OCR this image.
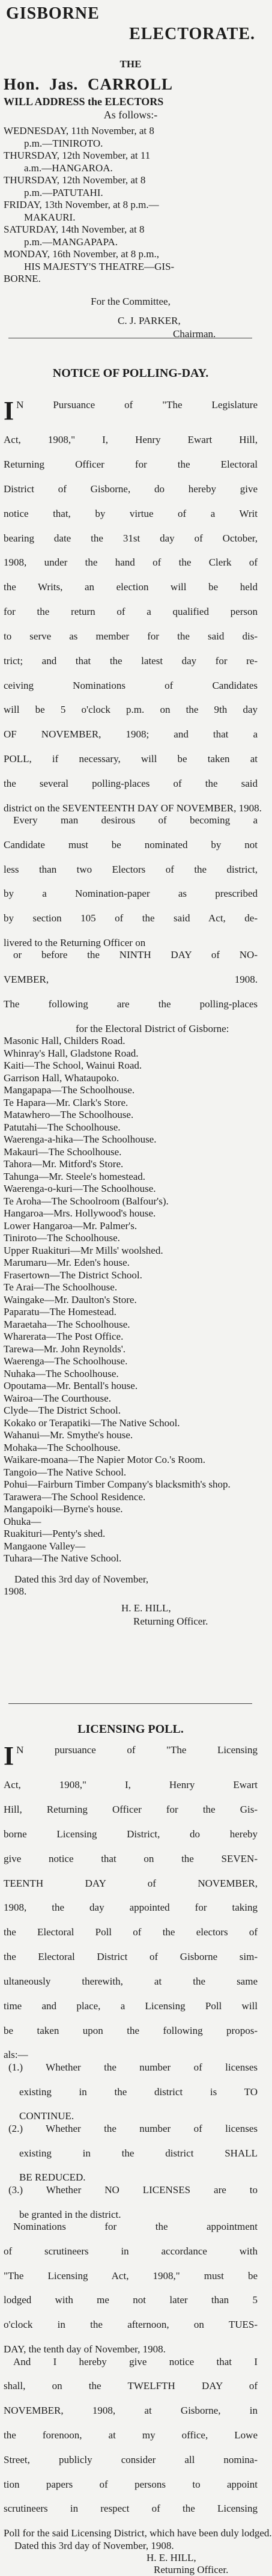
GISBORNE
ELECTORATE.
THE
Hon. Jas. CARROLL
WILL ADDRESS the ELECTORS
As follows:-
WEDNESDAY, 11th November, at 8
p.m.—TINIROTO.
THURSDAY, 12th November, at 11
a.m.—HANGAROA.
THURSDAY, 12th November, at 8
p.m.—PATUTAHI.
FRIDAY, 13th November, at 8 p.m.—
MAKAURI.
SATURDAY, 14th November, at 8
p.m.—MANGAPAPA.
MONDAY, 16th November, at 8 p.m.,
HIS MAJESTY'S THEATRE—GIS-
BORNE.
For the Committee,
C. J. PARKER,
Chairman.
NOTICE OF POLLING-DAY.
I N Pursuance of "The Legislature
Act, 1908," I, Henry Ewart Hill,
Returning Officer for the Electoral
District of Gisborne, do hereby give
notice that, by virtue of a Writ
bearing date the 31st day of October,
1908, under the hand of the Clerk of
the Writs, an election will be held
for the return of a qualified person
to serve as member for the said dis-
trict; and that the latest day for re-
ceiving Nominations of Candidates
will be 5 o'clock p.m. on the 9th day
OF NOVEMBER, 1908; and that a
POLL, if necessary, will be taken at
the several polling-places of the said
district on the SEVENTEENTH DAY OF NOVEMBER, 1908.
Every man desirous of becoming a
Candidate must be nominated by not
less than two Electors of the district,
by a Nomination-paper as prescribed
by section 105 of the said Act, de-
livered to the Returning Officer on
or before the NINTH DAY of NO-
VEMBER, 1908.
The following are the polling-places
for the Electoral District of Gisborne:
Masonic Hall, Childers Road.
Whinray's Hall, Gladstone Road.
Kaiti—The School, Wainui Road.
Garrison Hall, Whataupoko.
Mangapapa—The Schoolhouse.
Te Hapara—Mr. Clark's Store.
Matawhero—The Schoolhouse.
Patutahi—The Schoolhouse.
Waerenga-a-hika—The Schoolhouse.
Makauri—The Schoolhouse.
Tahora—Mr. Mitford's Store.
Tahunga—Mr. Steele's homestead.
Waerenga-o-kuri—The Schoolhouse.
Te Aroha—The Schoolroom (Balfour's).
Hangaroa—Mrs. Hollywood's house.
Lower Hangaroa—Mr. Palmer's.
Tiniroto—The Schoolhouse.
Upper Ruakituri—Mr Mills' woolshed.
Marumaru—Mr. Eden's house.
Frasertown—The District School.
Te Arai—The Schoolhouse.
Waingake—Mr. Daulton's Store.
Paparatu—The Homestead.
Maraetaha—The Schoolhouse.
Wharerata—The Post Office.
Tarewa—Mr. John Reynolds'.
Waerenga—The Schoolhouse.
Nuhaka—The Schoolhouse.
Opoutama—Mr. Bentall's house.
Wairoa—The Courthouse.
Clyde—The District School.
Kokako or Terapatiki—The Native School.
Wahanui—Mr. Smythe's house.
Mohaka—The Schoolhouse.
Waikare-moana—The Napier Motor Co.'s Room.
Tangoio—The Native School.
Pohui—Fairburn Timber Company's blacksmith's shop.
Tarawera—The School Residence.
Mangapoiki—Byrne's house.
Ohuka—
Ruakituri—Penty's shed.
Mangaone Valley—
Tuhara—The Native School.
Dated this 3rd day of November,
1908.
H. E. HILL,
Returning Officer.
LICENSING POLL.
I N pursuance of "The Licensing
Act, 1908," I, Henry Ewart
Hill, Returning Officer for the Gis-
borne Licensing District, do hereby
give notice that on the SEVEN-
TEENTH DAY of NOVEMBER,
1908, the day appointed for taking
the Electoral Poll of the electors of
the Electoral District of Gisborne sim-
ultaneously therewith, at the same
time and place, a Licensing Poll will
be taken upon the following propos-
als:—
(1.) Whether the number of licenses
existing in the district is TO
CONTINUE.
(2.) Whether the number of licenses
existing in the district SHALL
BE REDUCED.
(3.) Whether NO LICENSES are to
be granted in the district.
Nominations for the appointment
of scrutineers in accordance with
"The Licensing Act, 1908," must be
lodged with me not later than 5
o'clock in the afternoon, on TUES-
DAY, the tenth day of November, 1908.
And I hereby give notice that I
shall, on the TWELFTH DAY of
NOVEMBER, 1908, at Gisborne, in
the forenoon, at my office, Lowe
Street, publicly consider all nomina-
tion papers of persons to appoint
scrutineers in respect of the Licensing
Poll for the said Licensing District, which have been duly lodged.
Dated this 3rd day of November, 1908.
H. E. HILL,
Returning Officer.
